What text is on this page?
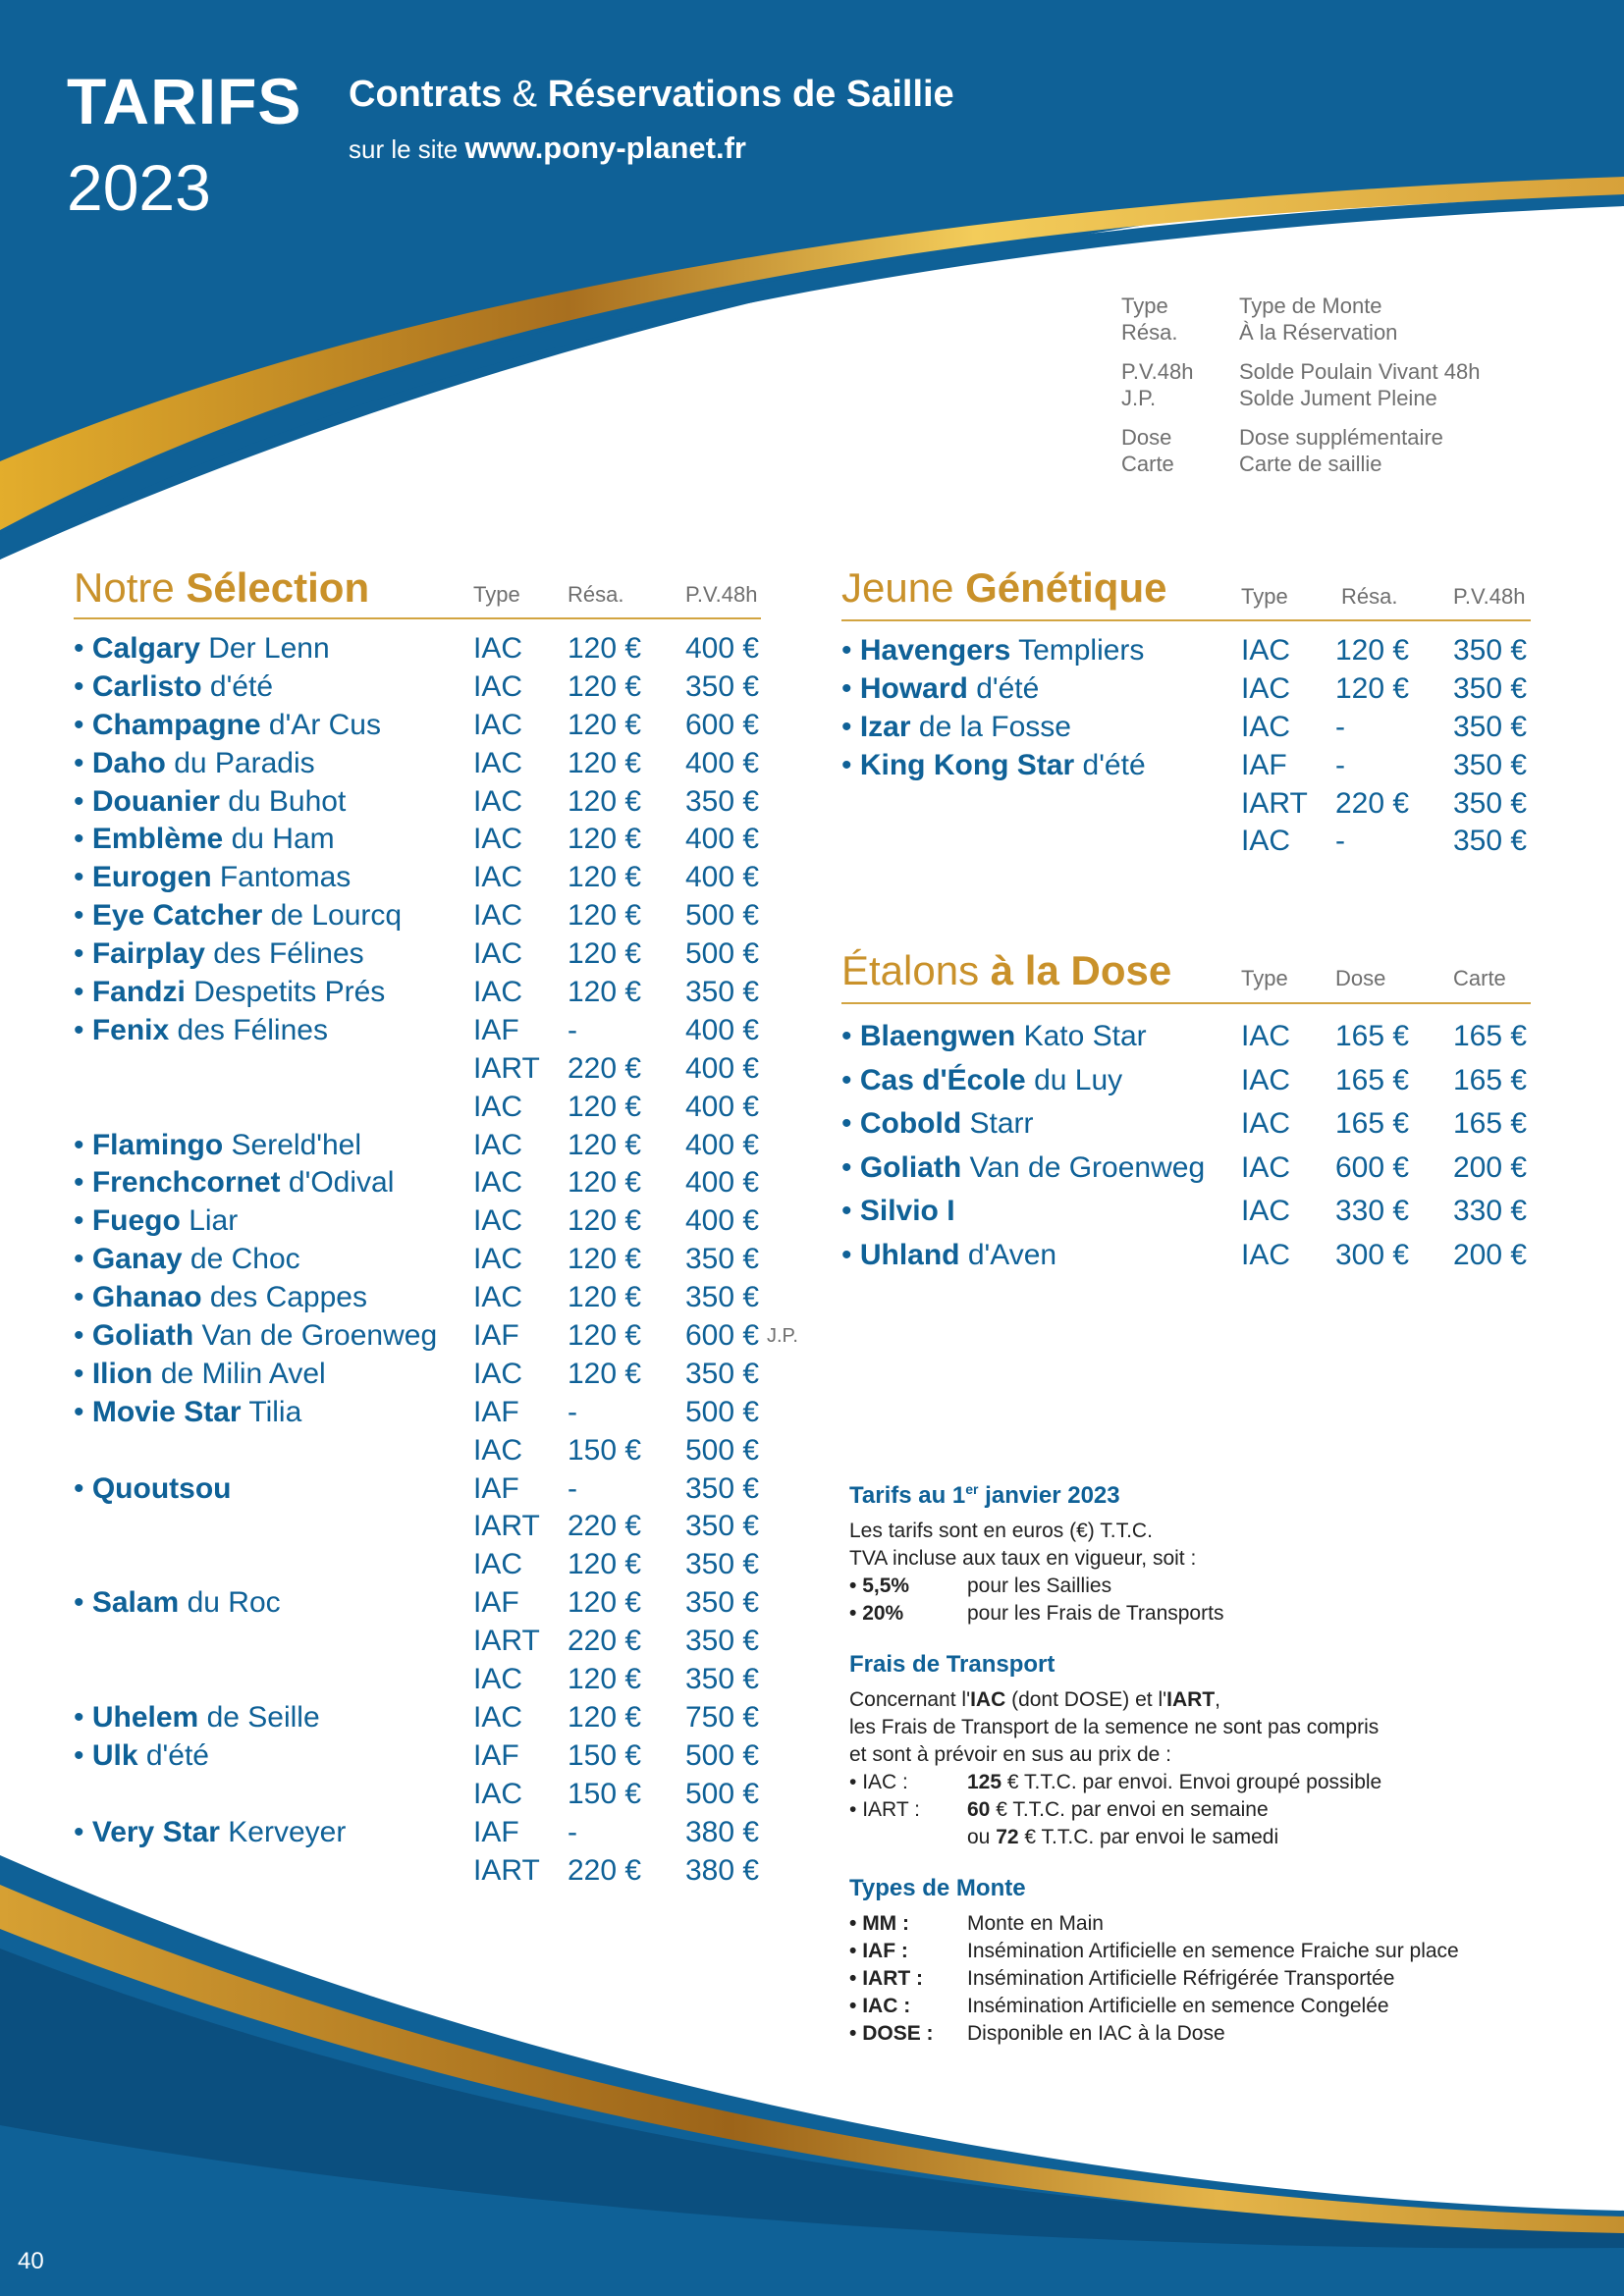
TARIFS
2023
Contrats & Réservations de Saillie
sur le site www.pony-planet.fr
Type	Type de Monte
Résa.	À la Réservation
P.V.48h	Solde Poulain Vivant 48h
J.P.	Solde Jument Pleine
Dose	Dose supplémentaire
Carte	Carte de saillie
Notre Sélection	Type Résa.	P.V.48h
• Calgary Der Lenn	IAC 120 € 400 €
• Carlisto d'été	IAC 120 € 350 €
• Champagne d'Ar Cus	IAC 120 € 600 €
• Daho du Paradis	IAC 120 € 400 €
• Douanier du Buhot	IAC 120 € 350 €
• Emblème du Ham	IAC 120 € 400 €
• Eurogen Fantomas	IAC 120 € 400 €
• Eye Catcher de Lourcq IAC 120 € 500 €
• Fairplay des Félines	IAC 120 € 500 €
• Fandzi Despetits Prés	IAC 120 € 350 €
• Fenix des Félines	IAF -	400 €
IART 220 € 400 €
IAC 120 € 400 €
• Flamingo Sereld'hel	IAC 120 € 400 €
• Frenchcornet d'Odival	IAC 120 € 400 €
• Fuego Liar	IAC 120 € 400 €
• Ganay de Choc	IAC 120 € 350 €
• Ghanao des Cappes	IAC 120 € 350 €
• Goliath Van de Groenweg IAF 120 € 600 € J.P.
• Ilion de Milin Avel	IAC 120 € 350 €
• Movie Star Tilia	IAF -	500 €
IAC 150 € 500 €
• Quoutsou	IAF -	350 €
IART 220 € 350 €
IAC 120 € 350 €
• Salam du Roc	IAF 120 € 350 €
IART 220 € 350 €
IAC 120 € 350 €
• Uhelem de Seille	IAC 120 € 750 €
• Ulk d'été	IAF 150 € 500 €
IAC 150 € 500 €
• Very Star Kerveyer	IAF -	380 €
IART 220 € 380 €
Jeune Génétique	Type Résa.	P.V.48h
• Havengers Templiers	IAC 120 € 350 €
• Howard d'été	IAC 120 € 350 €
• Izar de la Fosse	IAC -	350 €
• King Kong Star d'été	IAF -	350 €
IART 220 € 350 €
IAC -	350 €
Étalons à la Dose	Type Dose	Carte
• Blaengwen Kato Star	IAC 165 € 165 €
• Cas d'École du Luy	IAC 165 € 165 €
• Cobold Starr	IAC 165 € 165 €
• Goliath Van de Groenweg IAC 600 € 200 €
• Silvio I	IAC 330 € 330 €
• Uhland d'Aven	IAC 300 € 200 €
Tarifs au 1er janvier 2023

Les tarifs sont en euros (€) T.T.C.

TVA incluse aux taux en vigueur, soit :

• 5,5%	pour les Saillies
• 20%	pour les Frais de Transports
Frais de Transport

Concernant l'IAC (dont DOSE) et l'IART,

les Frais de Transport de la semence ne sont pas compris

et sont à prévoir en sus au prix de :

• IAC :	125 € T.T.C. par envoi. Envoi groupé possible
• IART :	60 € T.T.C. par envoi en semaine
ou 72 € T.T.C. par envoi le samedi
Types de Monte
• MM :	Monte en Main
• IAF :	Insémination Artificielle en semence Fraiche sur place
• IART :	Insémination Artificielle Réfrigérée Transportée
• IAC :	Insémination Artificielle en semence Congelée
• DOSE :	Disponible en IAC à la Dose
40
